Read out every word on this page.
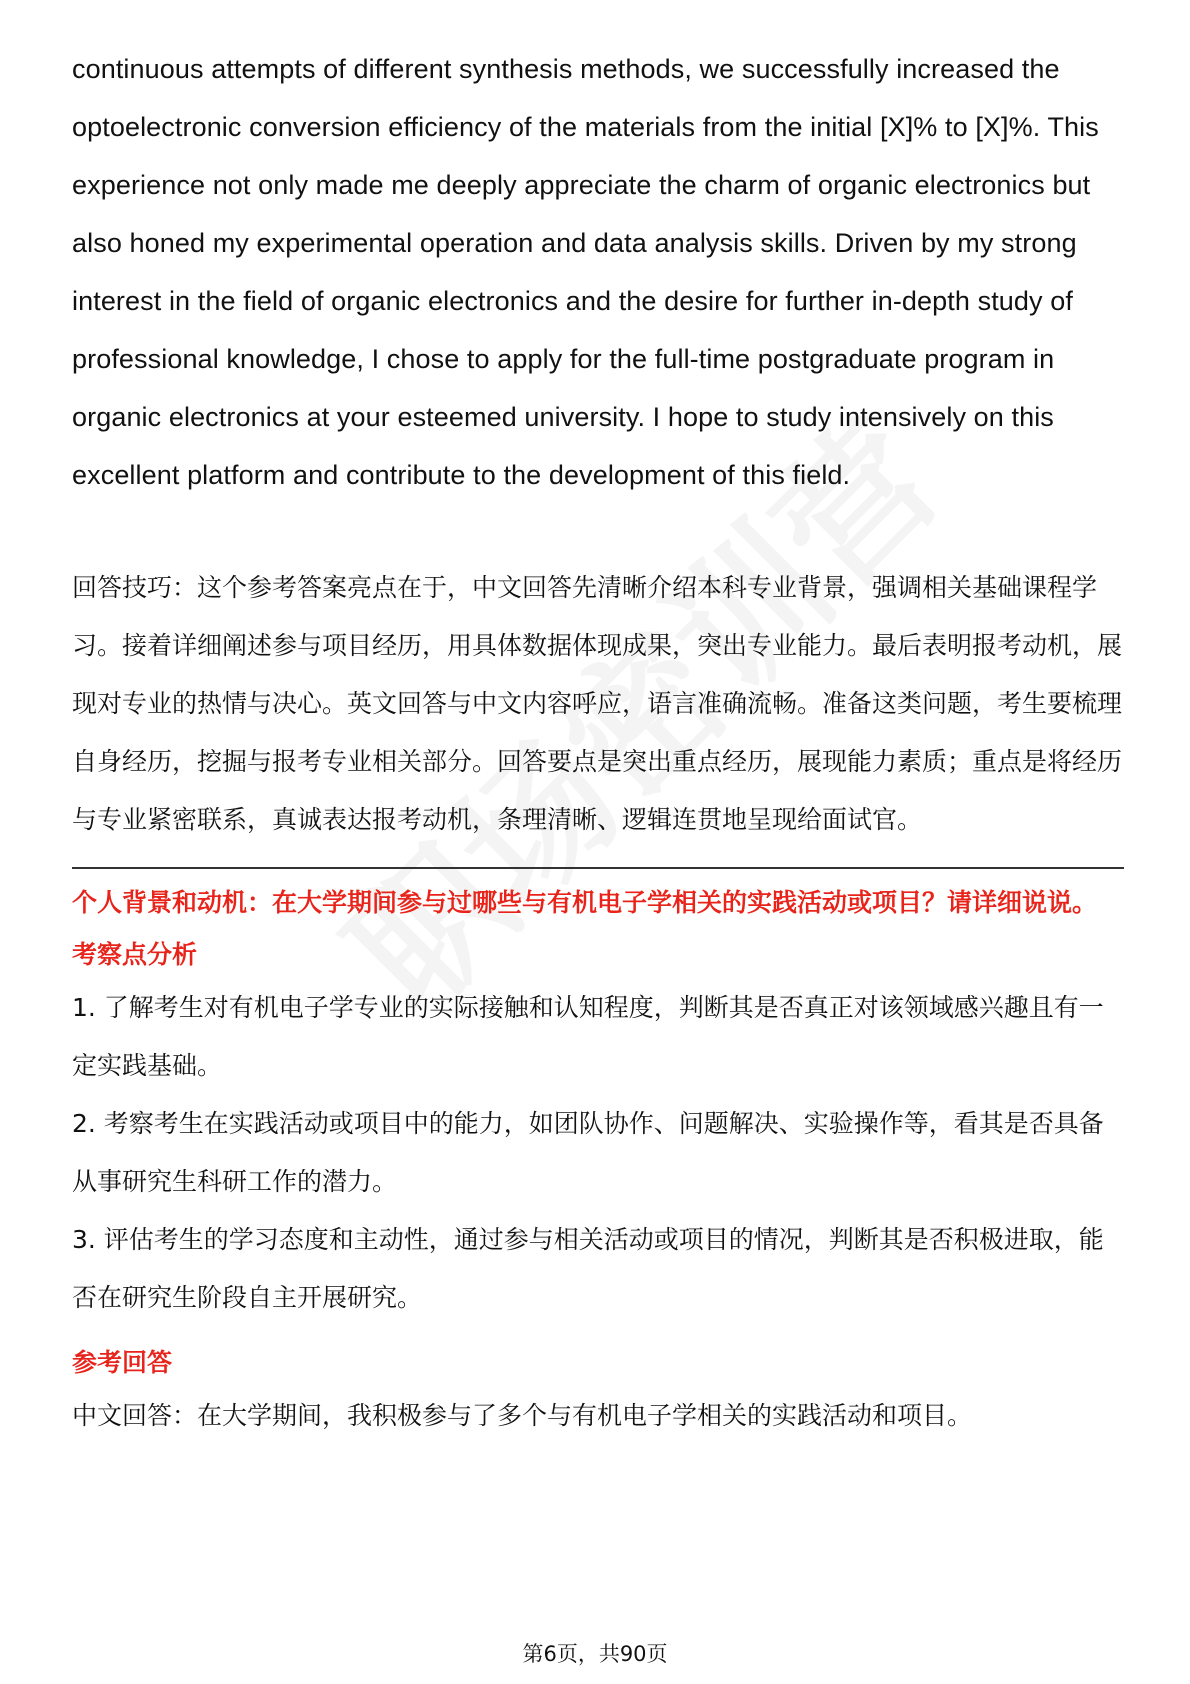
continuous attempts of different synthesis methods, we successfully increased the optoelectronic conversion efficiency of the materials from the initial [X]% to [X]%. This experience not only made me deeply appreciate the charm of organic electronics but also honed my experimental operation and data analysis skills. Driven by my strong interest in the field of organic electronics and the desire for further in-depth study of professional knowledge, I chose to apply for the full-time postgraduate program in organic electronics at your esteemed university. I hope to study intensively on this excellent platform and contribute to the development of this field.

回答技巧：这个参考答案亮点在于，中文回答先清晰介绍本科专业背景，强调相关基础课程学习。接着详细阐述参与项目经历，用具体数据体现成果，突出专业能力。最后表明报考动机，展现对专业的热情与决心。英文回答与中文内容呼应，语言准确流畅。准备这类问题，考生要梳理自身经历，挖掘与报考专业相关部分。回答要点是突出重点经历，展现能力素质；重点是将经历与专业紧密联系，真诚表达报考动机，条理清晰、逻辑连贯地呈现给面试官。

个人背景和动机：在大学期间参与过哪些与有机电子学相关的实践活动或项目？请详细说说。

考察点分析

1. 了解考生对有机电子学专业的实际接触和认知程度，判断其是否真正对该领域感兴趣且有一定实践基础。

2. 考察考生在实践活动或项目中的能力，如团队协作、问题解决、实验操作等，看其是否具备从事研究生科研工作的潜力。

3. 评估考生的学习态度和主动性，通过参与相关活动或项目的情况，判断其是否积极进取，能否在研究生阶段自主开展研究。

参考回答

中文回答：在大学期间，我积极参与了多个与有机电子学相关的实践活动和项目。

第6页，共90页
